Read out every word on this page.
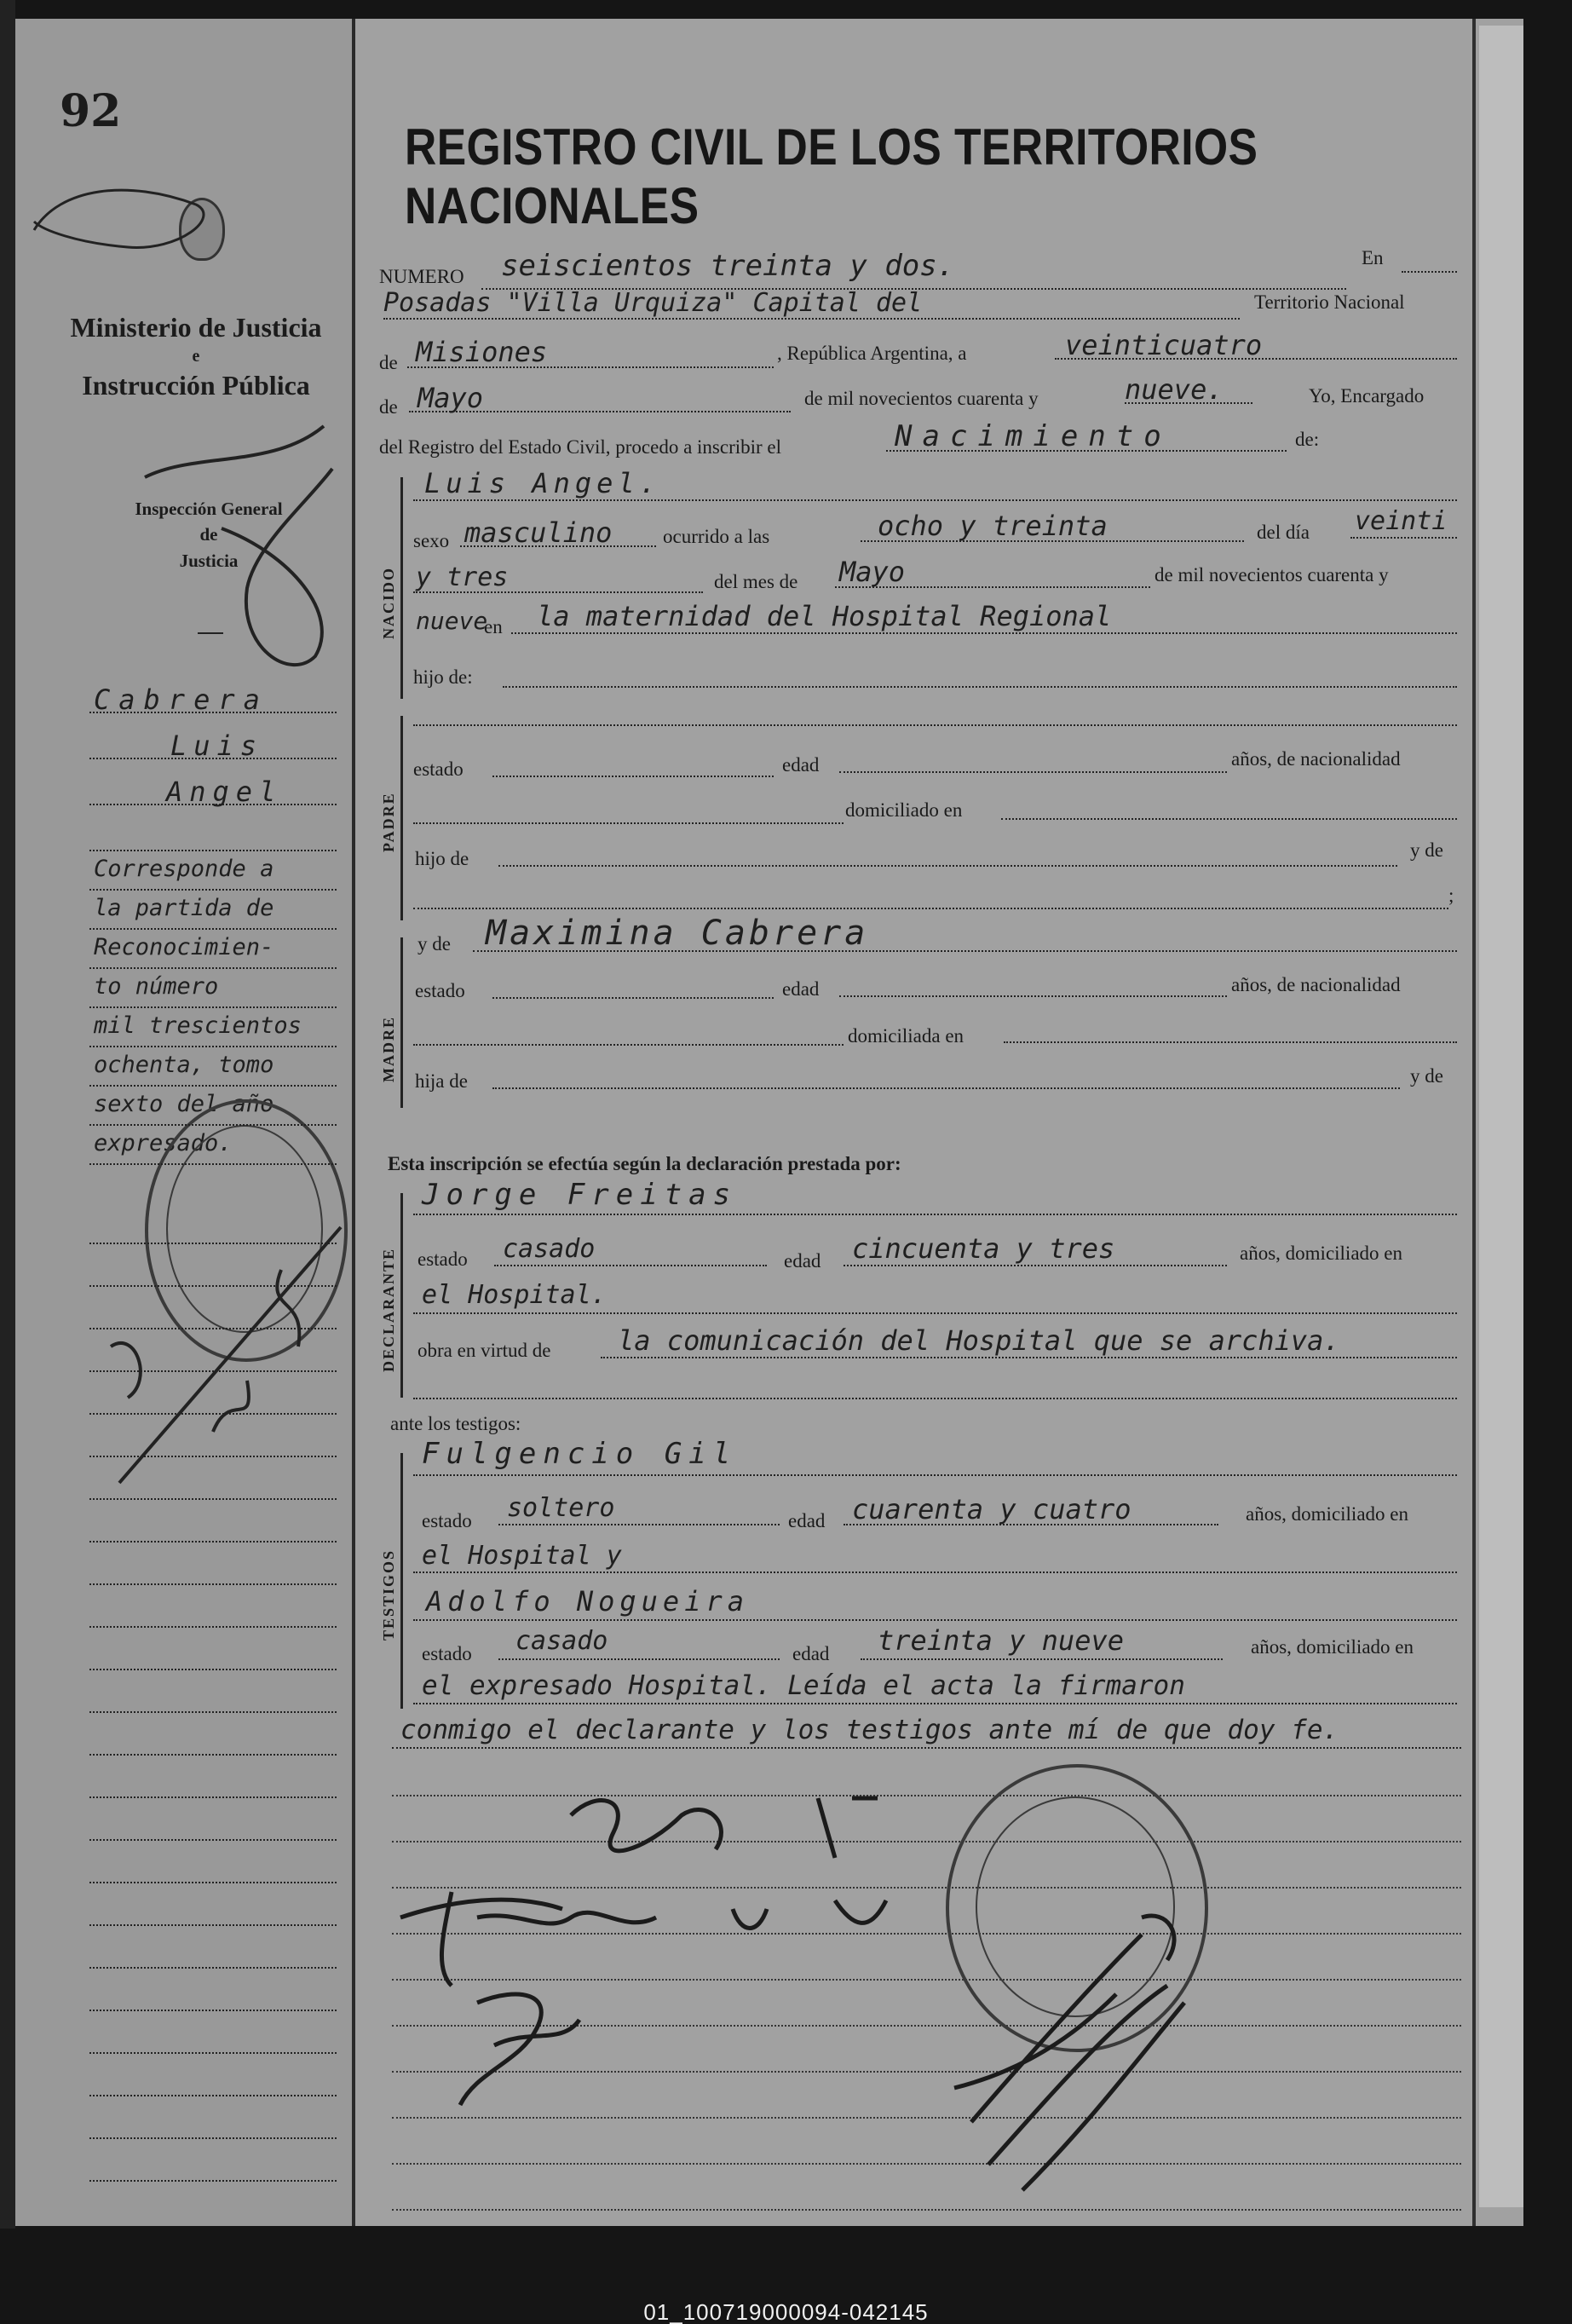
92
Ministerio de Justicia
e
Instrucción Pública
Inspección General
de
Justicia
Cabrera
Luis
Angel
Corresponde a
la partida de
Reconocimien-
to número
mil trescientos
ochenta, tomo
sexto del año
expresado.
REGISTRO CIVIL DE LOS TERRITORIOS NACIONALES
NUMERO seiscientos treinta y dos.	En
Posadas "Villa Urquiza" Capital del	Territorio Nacional
de Misiones	, República Argentina, a	veinticuatro
de Mayo	de mil novecientos cuarenta y	nueve.	Yo, Encargado
del Registro del Estado Civil, procedo a inscribir el	Nacimiento	de:
NACIDO
Luis Angel.
sexo masculino	ocurrido a las	ocho y treinta	del día veinti
y tres	del mes de Mayo	de mil novecientos cuarenta y
nueve
en la maternidad del Hospital Regional
hijo de:
PADRE
estado	edad	años, de nacionalidad
domiciliado en
hijo de	y de
;
MADRE
y de Maximina Cabrera
estado	edad	años, de nacionalidad
domiciliada en
hija de	y de
Esta inscripción se efectúa según la declaración prestada por:
DECLARANTE
Jorge Freitas
estado casado	edad cincuenta y tres	años, domiciliado en
el Hospital.
obra en virtud de la comunicación del Hospital que se archiva.
ante los testigos:
TESTIGOS
Fulgencio Gil
estado soltero	edad cuarenta y cuatro	años, domiciliado en
el Hospital y
Adolfo Nogueira
estado casado	edad treinta y nueve	años, domiciliado en
el expresado Hospital. Leída el acta la firmaron
conmigo el declarante y los testigos ante mí de que doy fe.
01_100719000094-042145
